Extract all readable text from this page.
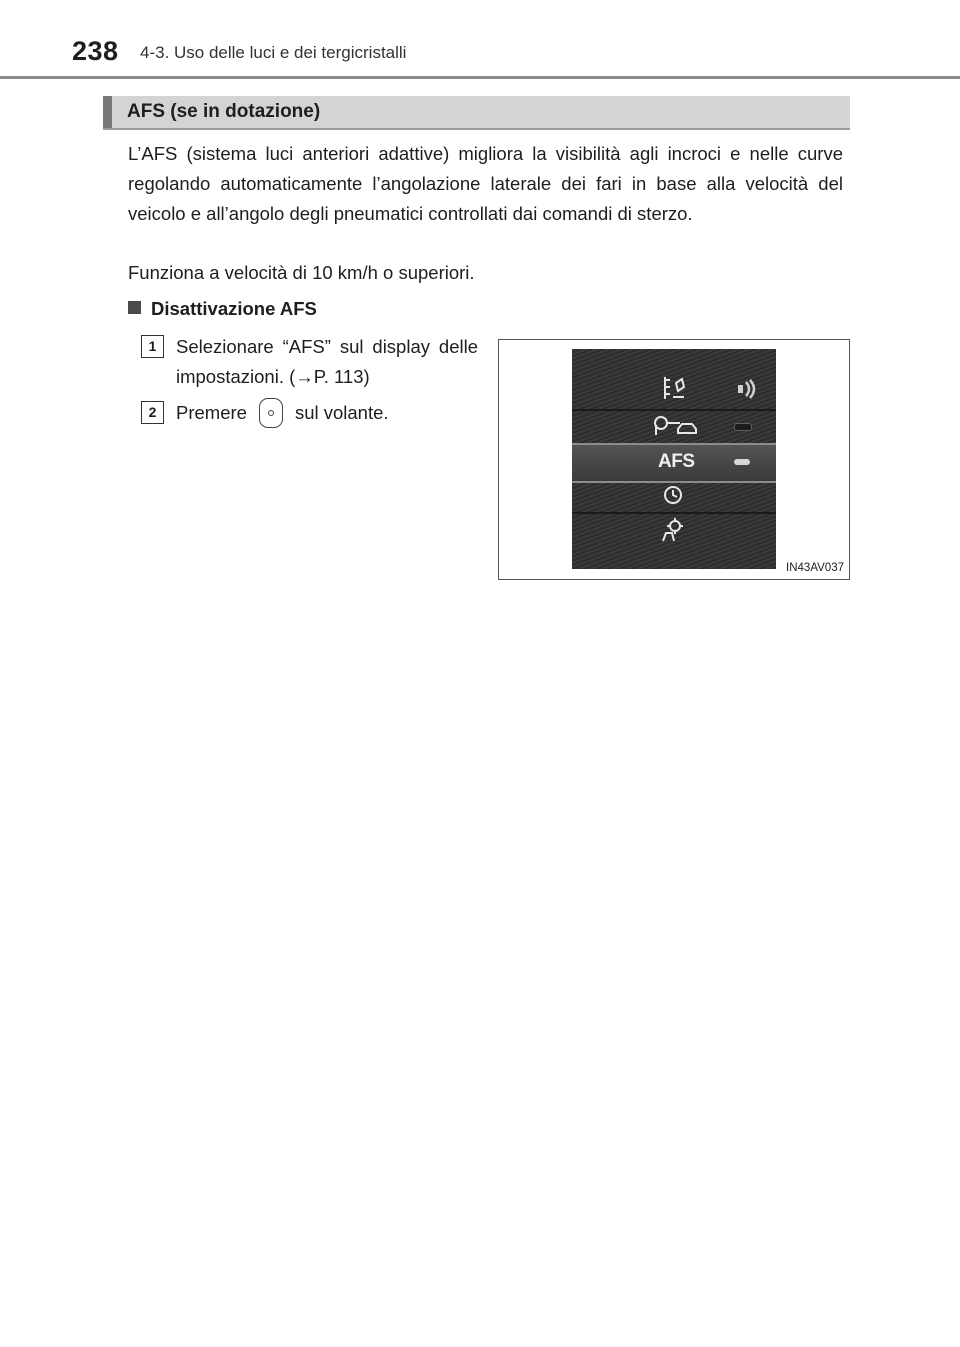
238 4-3. Uso delle luci e dei tergicristalli
AFS (se in dotazione)

L’AFS (sistema luci anteriori adattive) migliora la visibilità agli incroci e nelle curve regolando automaticamente l’angolazione laterale dei fari in base alla velocità del veicolo e all’angolo degli pneumatici controllati dai comandi di sterzo.

Funziona a velocità di 10 km/h o superiori.

Disattivazione AFS
1	Selezionare “AFS” sul display delle impostazioni. (→P. 113)

2	Premere	sul volante.

AFS
IN43AV037
